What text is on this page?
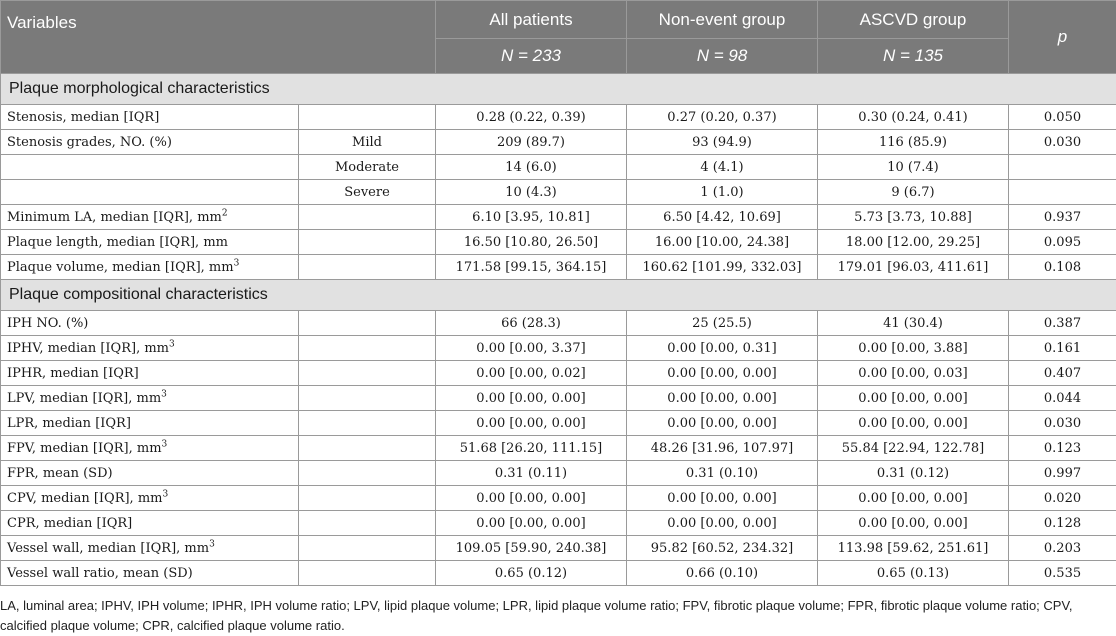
Variables		All patients	Non-event group	ASCVD group	p
		N = 233	N = 98	N = 135	
Plaque morphological characteristics					
Stenosis, median [IQR]		0.28 (0.22, 0.39)	0.27 (0.20, 0.37)	0.30 (0.24, 0.41)	0.050
Stenosis grades, NO. (%)	Mild	209 (89.7)	93 (94.9)	116 (85.9)	0.030
	Moderate	14 (6.0)	4 (4.1)	10 (7.4)	
	Severe	10 (4.3)	1 (1.0)	9 (6.7)	
Minimum LA, median [IQR], $mm^2$		6.10 [3.95, 10.81]	6.50 [4.42, 10.69]	5.73 [3.73, 10.88]	0.937
Plaque length, median [IQR], mm		16.50 [10.80, 26.50]	16.00 [10.00, 24.38]	18.00 [12.00, 29.25]	0.095
Plaque volume, median [IQR], $mm^3$		171.58 [99.15, 364.15]	160.62 [101.99, 332.03]	179.01 [96.03, 411.61]	0.108
Plaque compositional characteristics					
IPH NO. (%)		66 (28.3)	25 (25.5)	41 (30.4)	0.387
IPHV, median [IQR], $mm^3$		0.00 [0.00, 3.37]	0.00 [0.00, 0.31]	0.00 [0.00, 3.88]	0.161
IPHR, median [IQR]		0.00 [0.00, 0.02]	0.00 [0.00, 0.00]	0.00 [0.00, 0.03]	0.407
LPV, median [IQR], $mm^3$		0.00 [0.00, 0.00]	0.00 [0.00, 0.00]	0.00 [0.00, 0.00]	0.044
LPR, median [IQR]		0.00 [0.00, 0.00]	0.00 [0.00, 0.00]	0.00 [0.00, 0.00]	0.030
FPV, median [IQR], $mm^3$		51.68 [26.20, 111.15]	48.26 [31.96, 107.97]	55.84 [22.94, 122.78]	0.123
FPR, mean (SD)		0.31 (0.11)	0.31 (0.10)	0.31 (0.12)	0.997
CPV, median [IQR], $mm^3$		0.00 [0.00, 0.00]	0.00 [0.00, 0.00]	0.00 [0.00, 0.00]	0.020
CPR, median [IQR]		0.00 [0.00, 0.00]	0.00 [0.00, 0.00]	0.00 [0.00, 0.00]	0.128
Vessel wall, median [IQR], $mm^3$		109.05 [59.90, 240.38]	95.82 [60.52, 234.32]	113.98 [59.62, 251.61]	0.203
Vessel wall ratio, mean (SD)		0.65 (0.12)	0.66 (0.10)	0.65 (0.13)	0.535
LA, luminal area; IPHV, IPH volume; IPHR, IPH volume ratio; LPV, lipid plaque volume; LPR, lipid plaque volume ratio; FPV, fibrotic plaque volume; FPR, fibrotic plaque volume ratio; CPV, calcified plaque volume; CPR, calcified plaque volume ratio.
